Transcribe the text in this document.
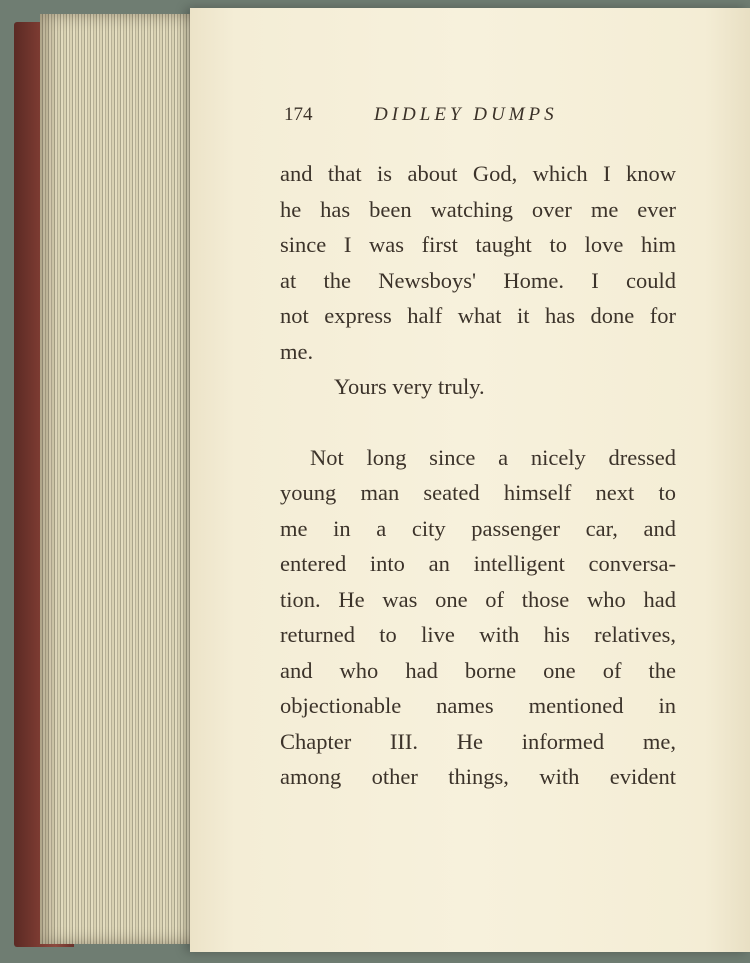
174	DIDLEY DUMPS
and that is about God, which I know
he has been watching over me ever
since I was first taught to love him
at the Newsboys' Home. I could
not express half what it has done for
me.
Yours very truly.
Not long since a nicely dressed
young man seated himself next to
me in a city passenger car, and
entered into an intelligent conversa-
tion. He was one of those who had
returned to live with his relatives,
and who had borne one of the
objectionable names mentioned in
Chapter III. He informed me,
among other things, with evident
